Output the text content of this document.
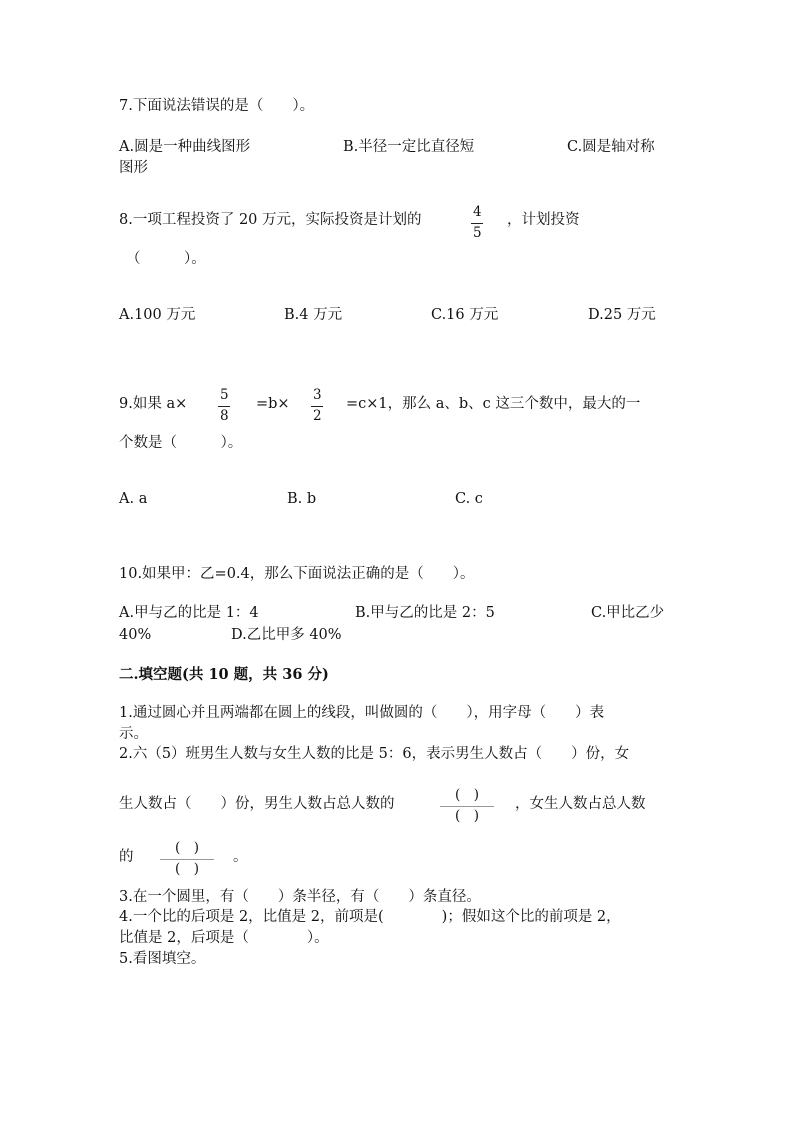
7.下面说法错误的是（　　）。
A.圆是一种曲线图形	B.半径一定比直径短	C.圆是轴对称
图形
8.一项工程投资了 20 万元，实际投资是计划的	4
5
，计划投资
（　　　）。
A.100 万元	B.4 万元	C.16 万元	D.25 万元
9.如果 a×
5
8
=b×
3
2
=c×1，那么 a、b、c 这三个数中，最大的一
个数是（　　　）。
A. a	B. b	C. c
10.如果甲：乙=0.4，那么下面说法正确的是（　　）。
A.甲与乙的比是 1：4	B.甲与乙的比是 2：5	C.甲比乙少
40%	D.乙比甲多 40%
二.填空题(共 10 题，共 36 分)
1.通过圆心并且两端都在圆上的线段，叫做圆的（　　），用字母（　　）表
示。
2.六（5）班男生人数与女生人数的比是 5：6，表示男生人数占（　　）份，女
生人数占（　　）份，男生人数占总人数的
(　)
(　)
，女生人数占总人数
的
(　)
(　)
。
3.在一个圆里，有（　　）条半径，有（　　）条直径。
4.一个比的后项是 2，比值是 2，前项是(　　　　)；假如这个比的前项是 2，
比值是 2，后项是（　　　　）。
5.看图填空。
